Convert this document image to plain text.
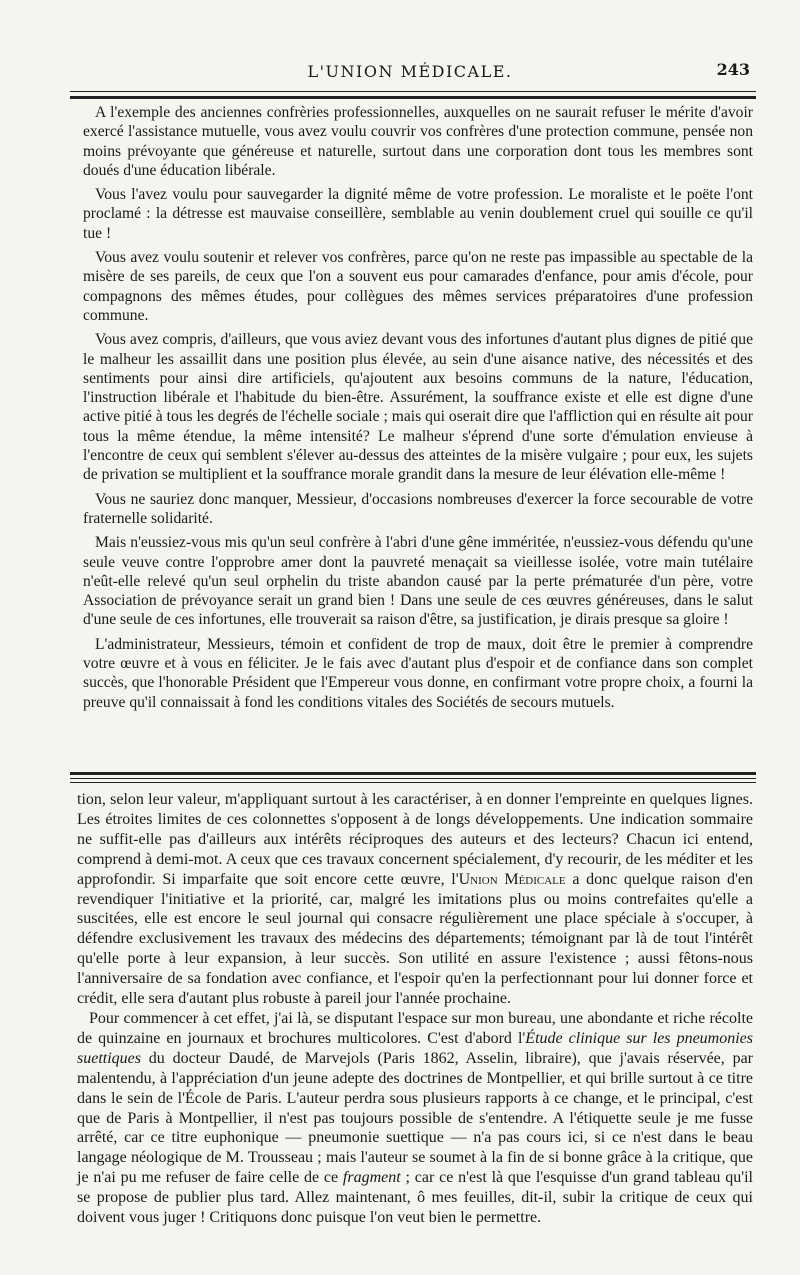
L'UNION MÉDICALE.	243

A l'exemple des anciennes confrèries professionnelles, auxquelles on ne saurait refuser le mérite d'avoir exercé l'assistance mutuelle, vous avez voulu couvrir vos confrères d'une protection commune, pensée non moins prévoyante que généreuse et naturelle, surtout dans une corporation dont tous les membres sont doués d'une éducation libérale.

Vous l'avez voulu pour sauvegarder la dignité même de votre profession. Le moraliste et le poëte l'ont proclamé : la détresse est mauvaise conseillère, semblable au venin doublement cruel qui souille ce qu'il tue !

Vous avez voulu soutenir et relever vos confrères, parce qu'on ne reste pas impassible au spectable de la misère de ses pareils, de ceux que l'on a souvent eus pour camarades d'enfance, pour amis d'école, pour compagnons des mêmes études, pour collègues des mêmes services préparatoires d'une profession commune.

Vous avez compris, d'ailleurs, que vous aviez devant vous des infortunes d'autant plus dignes de pitié que le malheur les assaillit dans une position plus élevée, au sein d'une aisance native, des nécessités et des sentiments pour ainsi dire artificiels, qu'ajoutent aux besoins communs de la nature, l'éducation, l'instruction libérale et l'habitude du bien-être. Assurément, la souffrance existe et elle est digne d'une active pitié à tous les degrés de l'échelle sociale ; mais qui oserait dire que l'affliction qui en résulte ait pour tous la même étendue, la même intensité? Le malheur s'éprend d'une sorte d'émulation envieuse à l'encontre de ceux qui semblent s'élever au-dessus des atteintes de la misère vulgaire ; pour eux, les sujets de privation se multiplient et la souffrance morale grandit dans la mesure de leur élévation elle-même !

Vous ne sauriez donc manquer, Messieur, d'occasions nombreuses d'exercer la force secourable de votre fraternelle solidarité.

Mais n'eussiez-vous mis qu'un seul confrère à l'abri d'une gêne imméritée, n'eussiez-vous défendu qu'une seule veuve contre l'opprobre amer dont la pauvreté menaçait sa vieillesse isolée, votre main tutélaire n'eût-elle relevé qu'un seul orphelin du triste abandon causé par la perte prématurée d'un père, votre Association de prévoyance serait un grand bien ! Dans une seule de ces œuvres généreuses, dans le salut d'une seule de ces infortunes, elle trouverait sa raison d'être, sa justification, je dirais presque sa gloire !

L'administrateur, Messieurs, témoin et confident de trop de maux, doit être le premier à comprendre votre œuvre et à vous en féliciter. Je le fais avec d'autant plus d'espoir et de confiance dans son complet succès, que l'honorable Président que l'Empereur vous donne, en confirmant votre propre choix, a fourni la preuve qu'il connaissait à fond les conditions vitales des Sociétés de secours mutuels.

tion, selon leur valeur, m'appliquant surtout à les caractériser, à en donner l'empreinte en quelques lignes. Les étroites limites de ces colonnettes s'opposent à de longs développements. Une indication sommaire ne suffit-elle pas d'ailleurs aux intérêts réciproques des auteurs et des lecteurs? Chacun ici entend, comprend à demi-mot. A ceux que ces travaux concernent spécialement, d'y recourir, de les méditer et les approfondir. Si imparfaite que soit encore cette œuvre, l'Union Médicale a donc quelque raison d'en revendiquer l'initiative et la priorité, car, malgré les imitations plus ou moins contrefaites qu'elle a suscitées, elle est encore le seul journal qui consacre régulièrement une place spéciale à s'occuper, à défendre exclusivement les travaux des médecins des départements; témoignant par là de tout l'intérêt qu'elle porte à leur expansion, à leur succès. Son utilité en assure l'existence ; aussi fêtons-nous l'anniversaire de sa fondation avec confiance, et l'espoir qu'en la perfectionnant pour lui donner force et crédit, elle sera d'autant plus robuste à pareil jour l'année prochaine.

Pour commencer à cet effet, j'ai là, se disputant l'espace sur mon bureau, une abondante et riche récolte de quinzaine en journaux et brochures multicolores. C'est d'abord l'Étude clinique sur les pneumonies suettiques du docteur Daudé, de Marvejols (Paris 1862, Asselin, libraire), que j'avais réservée, par malentendu, à l'appréciation d'un jeune adepte des doctrines de Montpellier, et qui brille surtout à ce titre dans le sein de l'École de Paris. L'auteur perdra sous plusieurs rapports à ce change, et le principal, c'est que de Paris à Montpellier, il n'est pas toujours possible de s'entendre. A l'étiquette seule je me fusse arrêté, car ce titre euphonique — pneumonie suettique — n'a pas cours ici, si ce n'est dans le beau langage néologique de M. Trousseau ; mais l'auteur se soumet à la fin de si bonne grâce à la critique, que je n'ai pu me refuser de faire celle de ce fragment ; car ce n'est là que l'esquisse d'un grand tableau qu'il se propose de publier plus tard. Allez maintenant, ô mes feuilles, dit-il, subir la critique de ceux qui doivent vous juger ! Critiquons donc puisque l'on veut bien le permettre.
